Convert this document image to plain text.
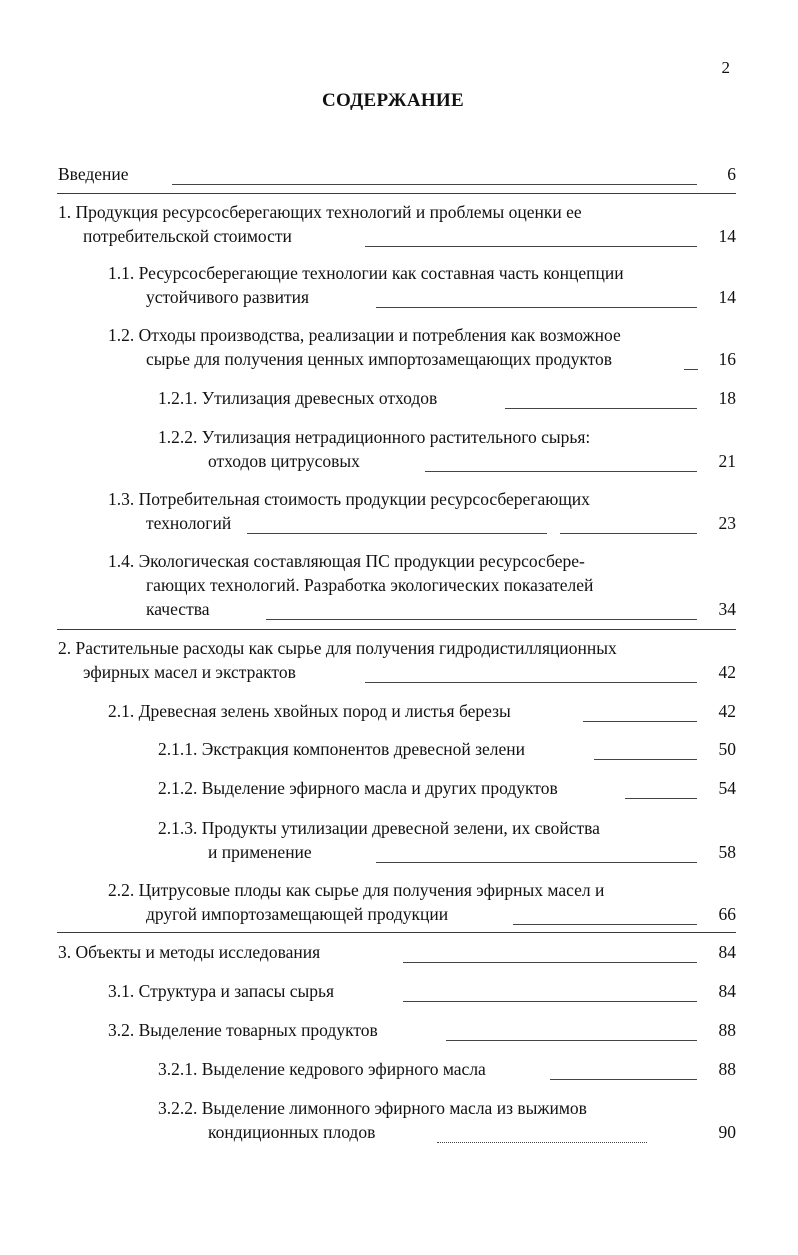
2
СОДЕРЖАНИЕ
Введение	6
1. Продукция ресурсосберегающих технологий и проблемы оценки ее
потребительской стоимости	14
1.1. Ресурсосберегающие технологии как составная часть концепции
устойчивого развития	14
1.2. Отходы производства, реализации и потребления как возможное
сырье для получения ценных импортозамещающих продуктов	16
1.2.1. Утилизация древесных отходов	18
1.2.2. Утилизация нетрадиционного растительного сырья:
отходов цитрусовых	21
1.3. Потребительная стоимость продукции ресурсосберегающих
технологий	23
1.4. Экологическая составляющая ПС продукции ресурсосбере-
гающих технологий. Разработка экологических показателей
качества	34
2. Растительные расходы как сырье для получения гидродистилляционных
эфирных масел и экстрактов	42
2.1. Древесная зелень хвойных пород и листья березы	42
2.1.1. Экстракция компонентов древесной зелени	50
2.1.2. Выделение эфирного масла и других продуктов	54
2.1.3. Продукты утилизации древесной зелени, их свойства
и применение	58
2.2. Цитрусовые плоды как сырье для получения эфирных масел и
другой импортозамещающей продукции	66
3. Объекты и методы исследования	84
3.1. Структура и запасы сырья	84
3.2. Выделение товарных продуктов	88
3.2.1. Выделение кедрового эфирного масла	88
3.2.2. Выделение лимонного эфирного масла из выжимов
кондиционных плодов	90
